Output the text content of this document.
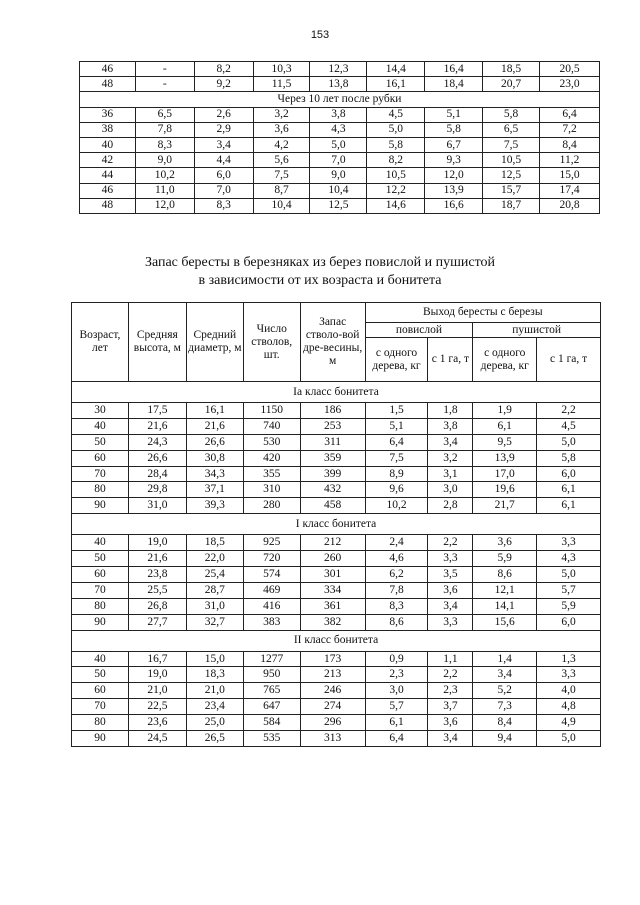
153
46	-	8,2	10,3	12,3	14,4	16,4	18,5	20,5
48	-	9,2	11,5	13,8	16,1	18,4	20,7	23,0
Через 10 лет после рубки								
36	6,5	2,6	3,2	3,8	4,5	5,1	5,8	6,4
38	7,8	2,9	3,6	4,3	5,0	5,8	6,5	7,2
40	8,3	3,4	4,2	5,0	5,8	6,7	7,5	8,4
42	9,0	4,4	5,6	7,0	8,2	9,3	10,5	11,2
44	10,2	6,0	7,5	9,0	10,5	12,0	12,5	15,0
46	11,0	7,0	8,7	10,4	12,2	13,9	15,7	17,4
48	12,0	8,3	10,4	12,5	14,6	16,6	18,7	20,8
Запас бересты в березняках из берез повислой и пушистой
в зависимости от их возраста и бонитета
Возраст, лет	Средняя высота, м	Средний диаметр, м	Число стволов, шт.	Запас стволо-вой дре-весины, м	Выход бересты с березы			
					повислой		пушистой	
					с одного дерева, кг	с 1 га, т	с одного дерева, кг	с 1 га, т
Iа класс бонитета								
30	17,5	16,1	1150	186	1,5	1,8	1,9	2,2
40	21,6	21,6	740	253	5,1	3,8	6,1	4,5
50	24,3	26,6	530	311	6,4	3,4	9,5	5,0
60	26,6	30,8	420	359	7,5	3,2	13,9	5,8
70	28,4	34,3	355	399	8,9	3,1	17,0	6,0
80	29,8	37,1	310	432	9,6	3,0	19,6	6,1
90	31,0	39,3	280	458	10,2	2,8	21,7	6,1
I класс бонитета								
40	19,0	18,5	925	212	2,4	2,2	3,6	3,3
50	21,6	22,0	720	260	4,6	3,3	5,9	4,3
60	23,8	25,4	574	301	6,2	3,5	8,6	5,0
70	25,5	28,7	469	334	7,8	3,6	12,1	5,7
80	26,8	31,0	416	361	8,3	3,4	14,1	5,9
90	27,7	32,7	383	382	8,6	3,3	15,6	6,0
II класс бонитета								
40	16,7	15,0	1277	173	0,9	1,1	1,4	1,3
50	19,0	18,3	950	213	2,3	2,2	3,4	3,3
60	21,0	21,0	765	246	3,0	2,3	5,2	4,0
70	22,5	23,4	647	274	5,7	3,7	7,3	4,8
80	23,6	25,0	584	296	6,1	3,6	8,4	4,9
90	24,5	26,5	535	313	6,4	3,4	9,4	5,0
